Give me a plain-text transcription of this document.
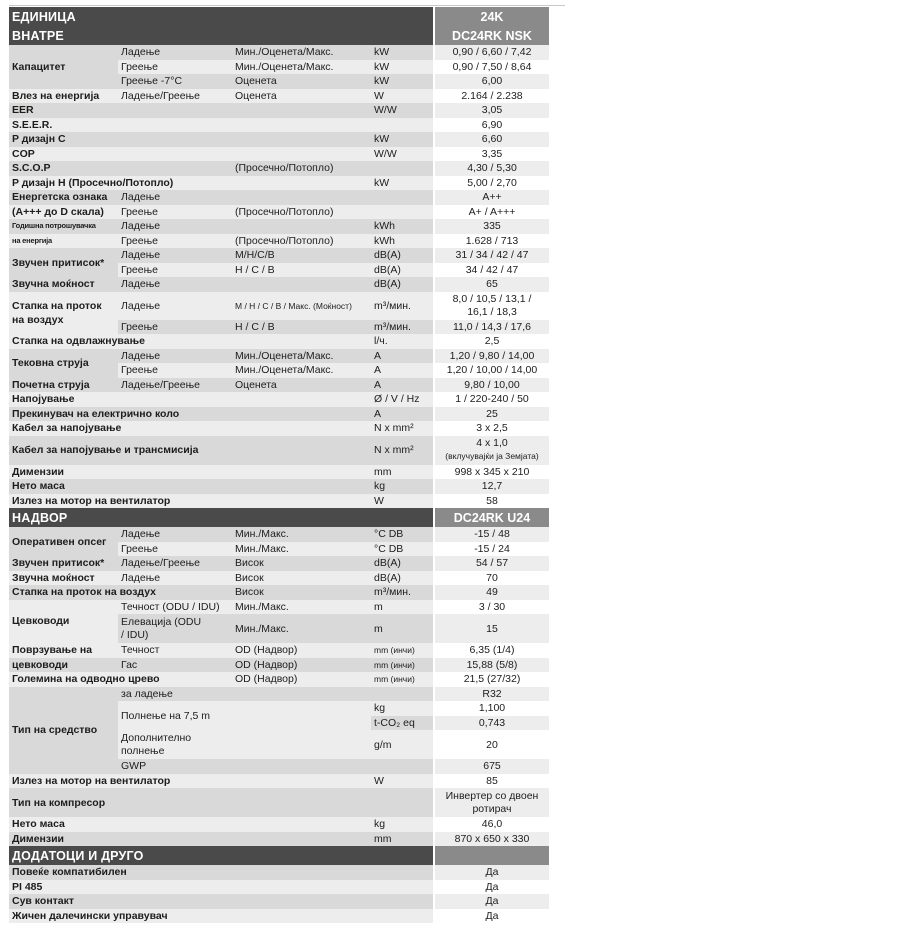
ЕДИНИЦА					24K
ВНАТРЕ					DC24RK NSK
Капацитет	Ладење	Мин./Оценета/Макс.	kW		0,90 / 6,60 / 7,42
	Греење	Мин./Оценета/Макс.	kW		0,90 / 7,50 / 8,64
	Греење -7°C	Оценета	kW		6,00
Влез на енергија	Ладење/Греење	Оценета	W		2.164 / 2.238
EER			W/W		3,05
S.E.E.R.					6,90
P дизајн C			kW		6,60
COP			W/W		3,35
S.C.O.P		(Просечно/Потопло)			4,30 / 5,30
P дизајн H (Просечно/Потопло)			kW		5,00 / 2,70
Енергетска ознака	Ладење				A++
(A+++ до D скала)	Греење	(Просечно/Потопло)			A+ / A+++
Годишна потрошувачка	Ладење		kWh		335
на енергија	Греење	(Просечно/Потопло)	kWh		1.628 / 713
Звучен притисок*	Ладење	M/H/C/B	dB(A)		31 / 34 / 42 / 47
	Греење	H / C / B	dB(A)		34 / 42 / 47
Звучна моќност	Ладење		dB(A)		65
Стапка на проток
на воздух	Ладење	M / H / C / B / Макс. (Моќност)	m³/мин.		8,0 / 10,5 / 13,1 /
16,1 / 18,3
	Греење	H / C / B	m³/мин.		11,0 / 14,3 / 17,6
Стапка на одвлажнување			l/ч.		2,5
Тековна струја	Ладење	Мин./Оценета/Макс.	A		1,20 / 9,80 / 14,00
	Греење	Мин./Оценета/Макс.	A		1,20 / 10,00 / 14,00
Почетна струја	Ладење/Греење	Оценета	A		9,80 / 10,00
Напојување			Ø / V / Hz		1 / 220-240 / 50
Прекинувач на електрично коло			A		25
Кабел за напојување			N x mm²		3 x 2,5
Кабел за напојување и трансмисија			N x mm²		4 x 1,0
(вклучувајќи ја Земјата)
Димензии			mm		998 x 345 x 210
Нето маса			kg		12,7
Излез на мотор на вентилатор			W		58
НАДВОР					DC24RK U24
Оперативен опсег	Ладење	Мин./Макс.	°C DB		-15 / 48
	Греење	Мин./Макс.	°C DB		-15 / 24
Звучен притисок*	Ладење/Греење	Висок	dB(A)		54 / 57
Звучна моќност	Ладење	Висок	dB(A)		70
Стапка на проток на воздух		Висок	m³/мин.		49
Цевководи	Течност (ODU / IDU)	Мин./Макс.	m		3 / 30
	Елевација (ODU
/ IDU)	Мин./Макс.	m		15
Поврзување на	Течност	OD (Надвор)	mm (инчи)		6,35 (1/4)
цевководи	Гас	OD (Надвор)	mm (инчи)		15,88 (5/8)
Големина на одводно црево		OD (Надвор)	mm (инчи)		21,5 (27/32)
Тип на средство	за ладење				R32
	Полнење на 7,5 m		kg		1,100
			t-CO₂ eq		0,743
	Дополнително
полнење		g/m		20
	GWP				675

Излез на мотор на вентилатор			W		85
Тип на компресор					Инвертер со двоен
ротирач
Нето маса			kg		46,0
Димензии			mm		870 x 650 x 330
ДОДАТОЦИ И ДРУГО					
Повеќе компатибилен					Да
PI 485					Да
Сув контакт					Да
Жичен далечински управувач					Да
